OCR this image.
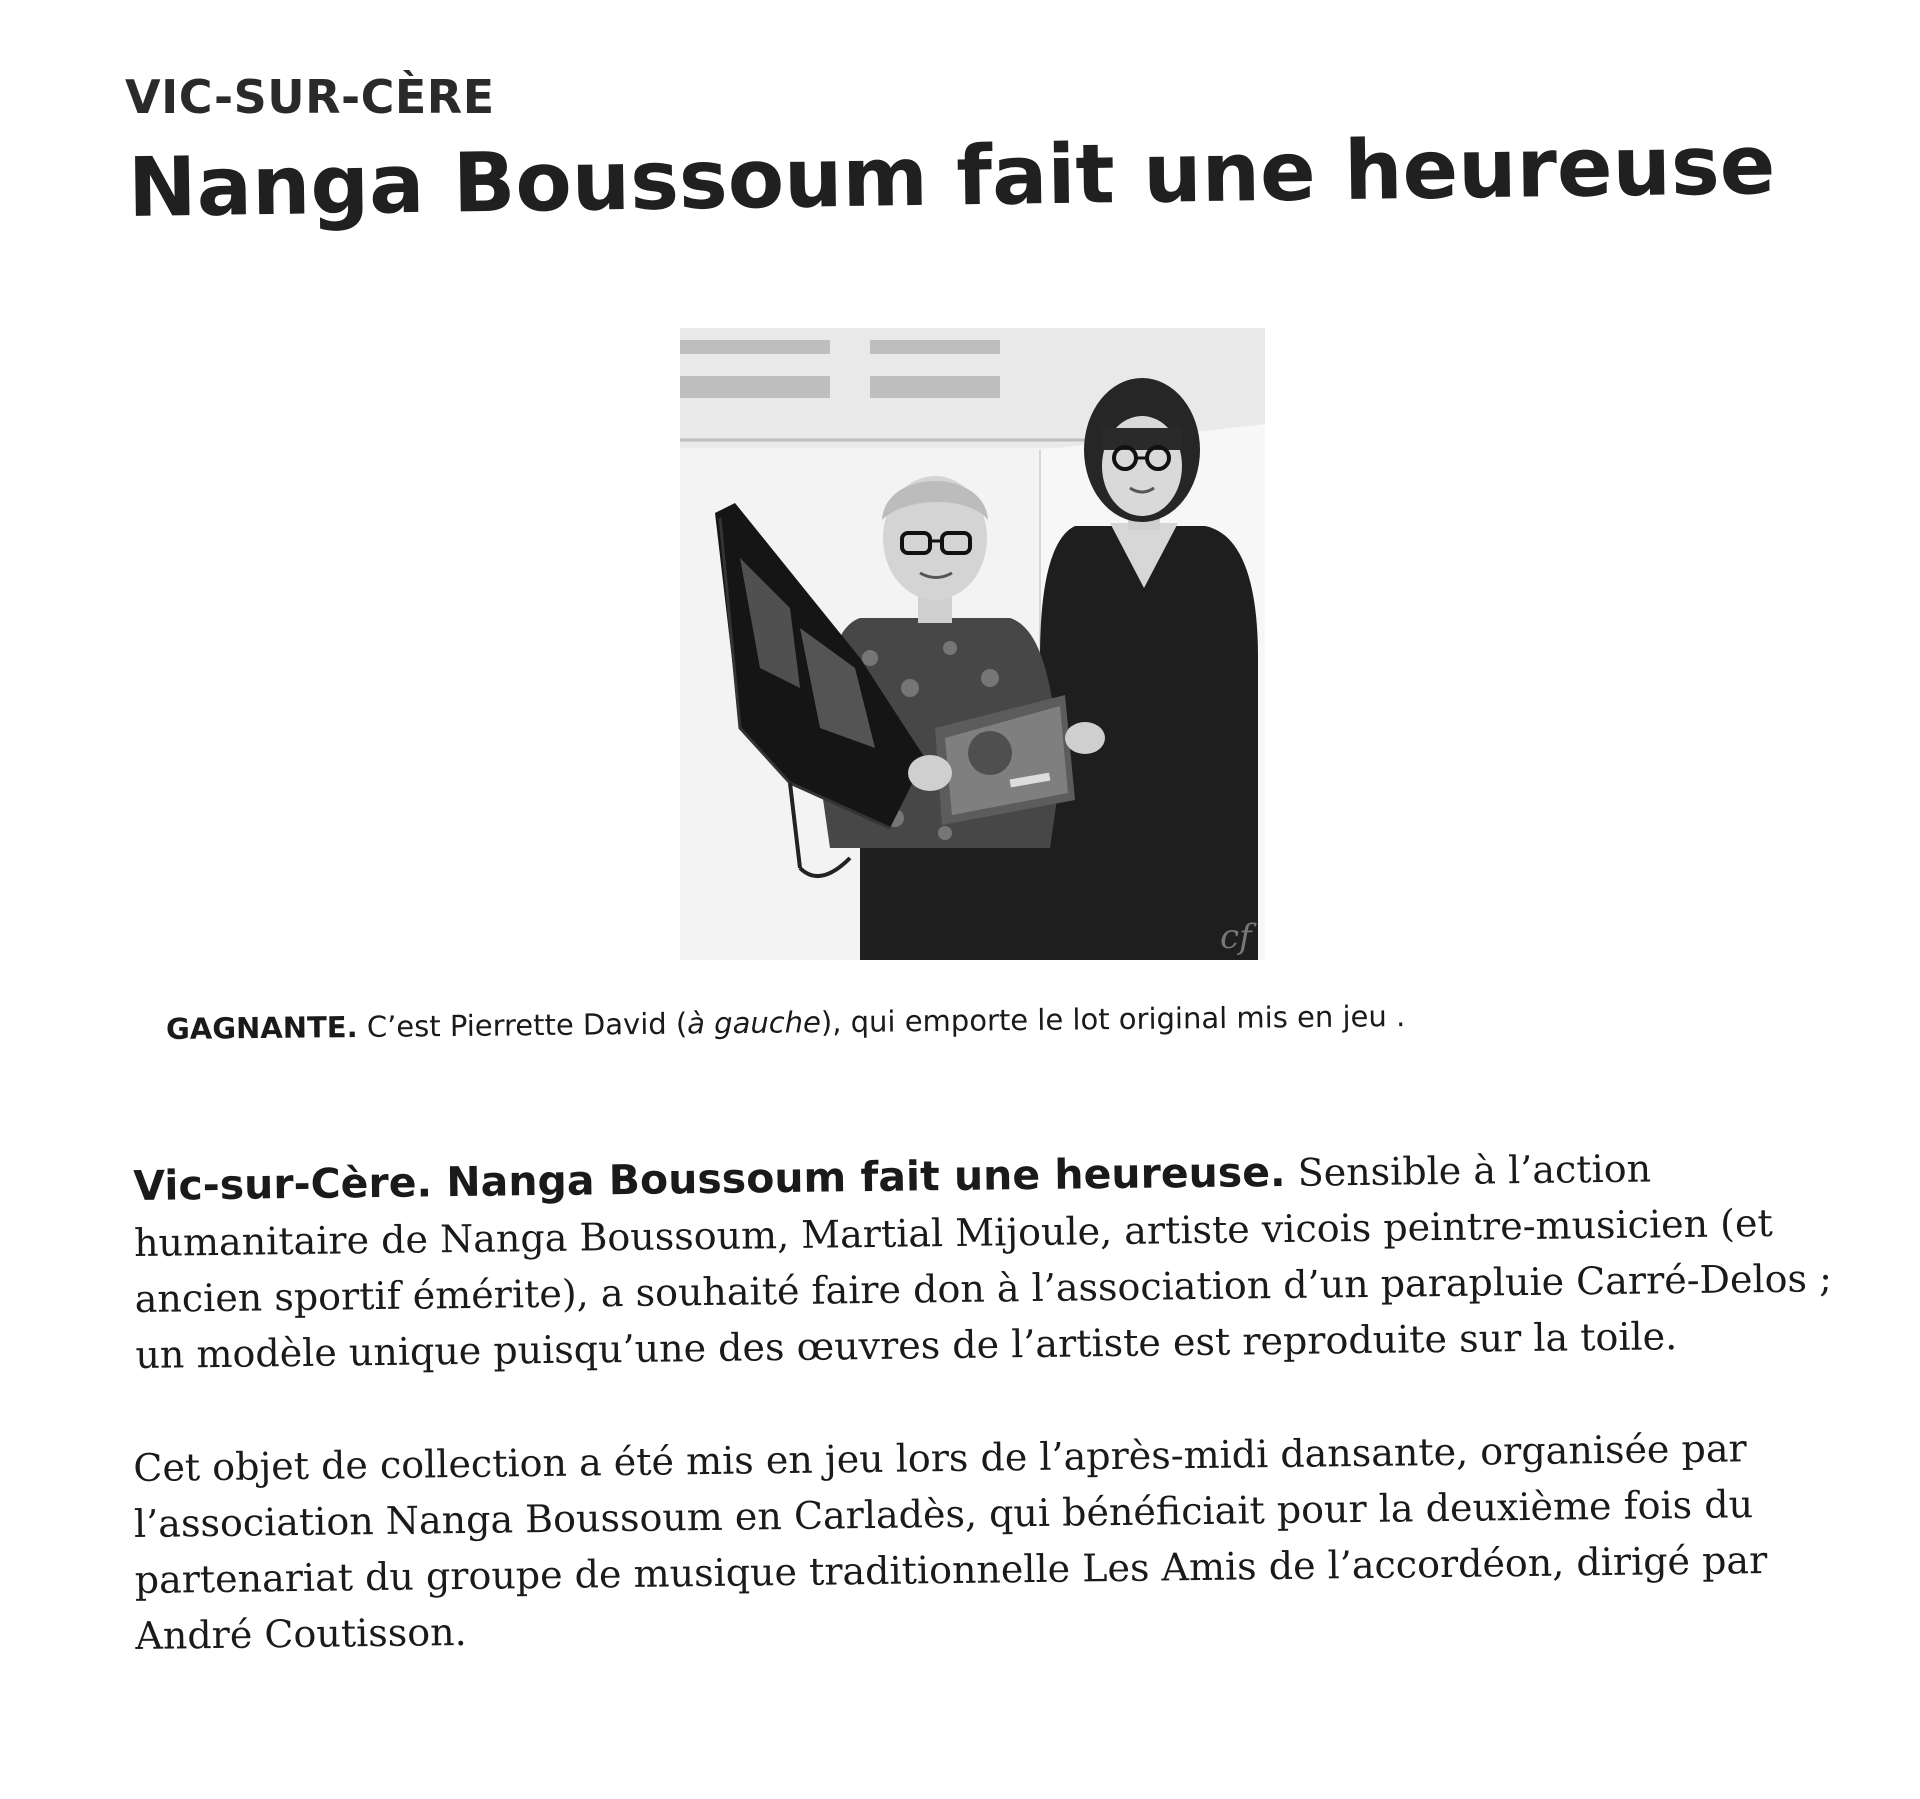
VIC-SUR-CÈRE
Nanga Boussoum fait une heureuse
cf

GAGNANTE. C’est Pierrette David (à gauche), qui emporte le lot original mis en jeu .

Vic-sur-Cère. Nanga Boussoum fait une heureuse. Sensible à l’action humanitaire de Nanga Boussoum, Martial Mijoule, artiste vicois peintre-musicien (et ancien sportif émérite), a souhaité faire don à l’association d’un parapluie Carré-Delos ; un modèle unique puisqu’une des œuvres de l’artiste est reproduite sur la toile.

Cet objet de collection a été mis en jeu lors de l’après-midi dansante, organisée par l’association Nanga Boussoum en Carladès, qui bénéficiait pour la deuxième fois du partenariat du groupe de musique traditionnelle Les Amis de l’accordéon, dirigé par André Coutisson.
